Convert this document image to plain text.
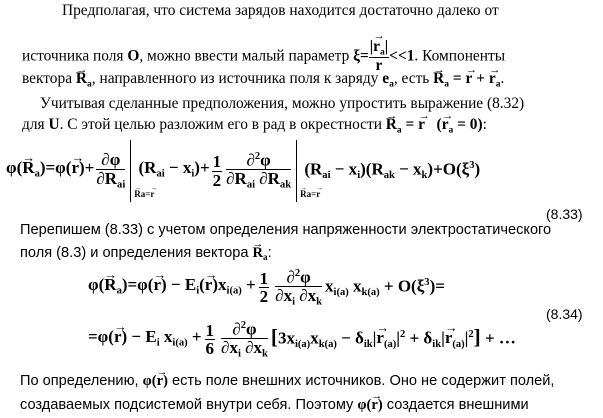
Предполагая, что система зарядов находится достаточно далеко от
источника поля O, можно ввести малый параметр $\xi= \frac{|\to r_a|}{r} <<1$. Компоненты
вектора → $R_a$, направленного из источника поля к заряду $e_a$, есть → $R_a$ = → r + → $r_a$.
Учитывая сделанные предположения, можно упростить выражение (8.32)
для U. С этой целью разложим его в рад в окрестности → $R_a$ = → r (→ $r_a = 0$):
$\varphi(\to R_a)=\varphi(\to r)+ \frac{\partial\varphi}{\partial R_{ai}}$
→ Ra=→ r
$(R_{ai} - x_i)+ \frac{1}{2} \frac{\partial^2\varphi}{\partial R_{ai} \partial R_{ak}}$
→ Ra=→ r
$(R_{ai} - x_i)(R_{ak} - x_k)+O(\xi^3)$
(8.33)
Перепишем (8.33) с учетом определения напряженности электростатического
поля (8.3) и определения вектора → $R_a$:
$\varphi(\to R_a)=\varphi(\to r) - E_i(\to r)x_{i(a)} + \frac{1}{2} \frac{\partial^2\varphi}{\partial x_i \partial x_k} x_{i(a)}$ $x_{k(a)} + O(\xi^3)=$
$=\varphi(\to r) - E_i$ $x_{i(a)} + \frac{1}{6} \frac{\partial^2\varphi}{\partial x_i \partial x_k} [3x_{i(a)}x_{k(a)} - \delta_{ik}|\to r_{(a)}|^2 + \delta_{ik}|\to r_{(a)}|^2]$ + …
(8.34)
По определению, φ(→ r) есть поле внешних источников. Оно не содержит полей,
создаваемых подсистемой внутри себя. Поэтому φ(→ r) создается внешними
